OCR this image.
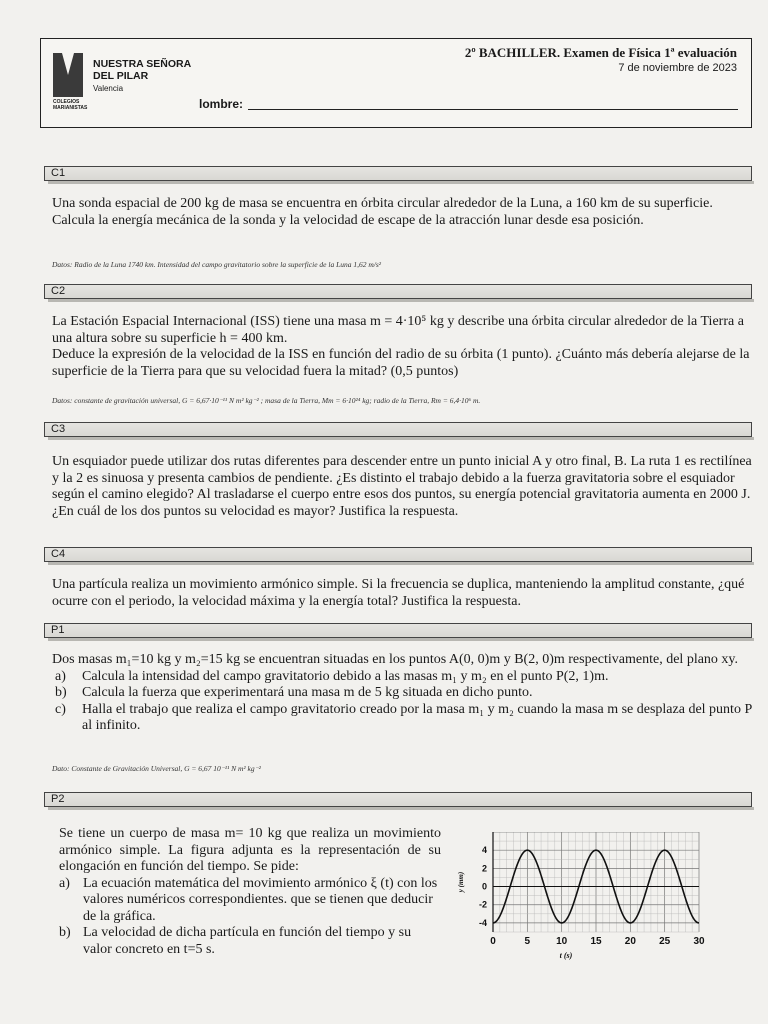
NUESTRA SEÑORA
DEL PILAR
Valencia
COLEGIOS MARIANISTAS
2º BACHILLER. Examen de Física 1ª evaluación
7 de noviembre de 2023
lombre:
C1
Una sonda espacial de 200 kg de masa se encuentra en órbita circular alrededor de la Luna, a 160 km de su superficie. Calcula la energía mecánica de la sonda y la velocidad de escape de la atracción lunar desde esa posición.
Datos: Radio de la Luna 1740 km. Intensidad del campo gravitatorio sobre la superficie de la Luna 1,62 m/s²
C2
La Estación Espacial Internacional (ISS) tiene una masa m = 4·10⁵ kg y describe una órbita circular alrededor de la Tierra a una altura sobre su superficie h = 400 km.
Deduce la expresión de la velocidad de la ISS en función del radio de su órbita (1 punto). ¿Cuánto más debería alejarse de la superficie de la Tierra para que su velocidad fuera la mitad? (0,5 puntos)
Datos: constante de gravitación universal, G = 6,67·10⁻¹¹ N m² kg⁻² ; masa de la Tierra, Mт = 6·10²⁴ kg; radio de la Tierra, Rт = 6,4·10⁶ m.
C3
Un esquiador puede utilizar dos rutas diferentes para descender entre un punto inicial A y otro final, B. La ruta 1 es rectilínea y la 2 es sinuosa y presenta cambios de pendiente. ¿Es distinto el trabajo debido a la fuerza gravitatoria sobre el esquiador según el camino elegido? Al trasladarse el cuerpo entre esos dos puntos, su energía potencial gravitatoria aumenta en 2000 J. ¿En cuál de los dos puntos su velocidad es mayor? Justifica la respuesta.
C4
Una partícula realiza un movimiento armónico simple. Si la frecuencia se duplica, manteniendo la amplitud constante, ¿qué ocurre con el periodo, la velocidad máxima y la energía total? Justifica la respuesta.
P1
Dos masas m₁=10 kg y m₂=15 kg se encuentran situadas en los puntos A(0, 0)m y B(2, 0)m respectivamente, del plano xy.
a) Calcula la intensidad del campo gravitatorio debido a las masas m₁ y m₂ en el punto P(2, 1)m.
b) Calcula la fuerza que experimentará una masa m de 5 kg situada en dicho punto.
c) Halla el trabajo que realiza el campo gravitatorio creado por la masa m₁ y m₂ cuando la masa m se desplaza del punto P al infinito.
Dato: Constante de Gravitación Universal, G = 6,67 10⁻¹¹ N m² kg⁻²
P2
Se tiene un cuerpo de masa m= 10 kg que realiza un movimiento armónico simple. La figura adjunta es la representación de su elongación en función del tiempo. Se pide:
a) La ecuación matemática del movimiento armónico ξ (t) con los valores numéricos correspondientes. que se tienen que deducir de la gráfica.
b) La velocidad de dicha partícula en función del tiempo y su valor concreto en t=5 s.
4
2
0
-2
-4
0	5	10 15 20 25 30
y (mm)
t (s)
